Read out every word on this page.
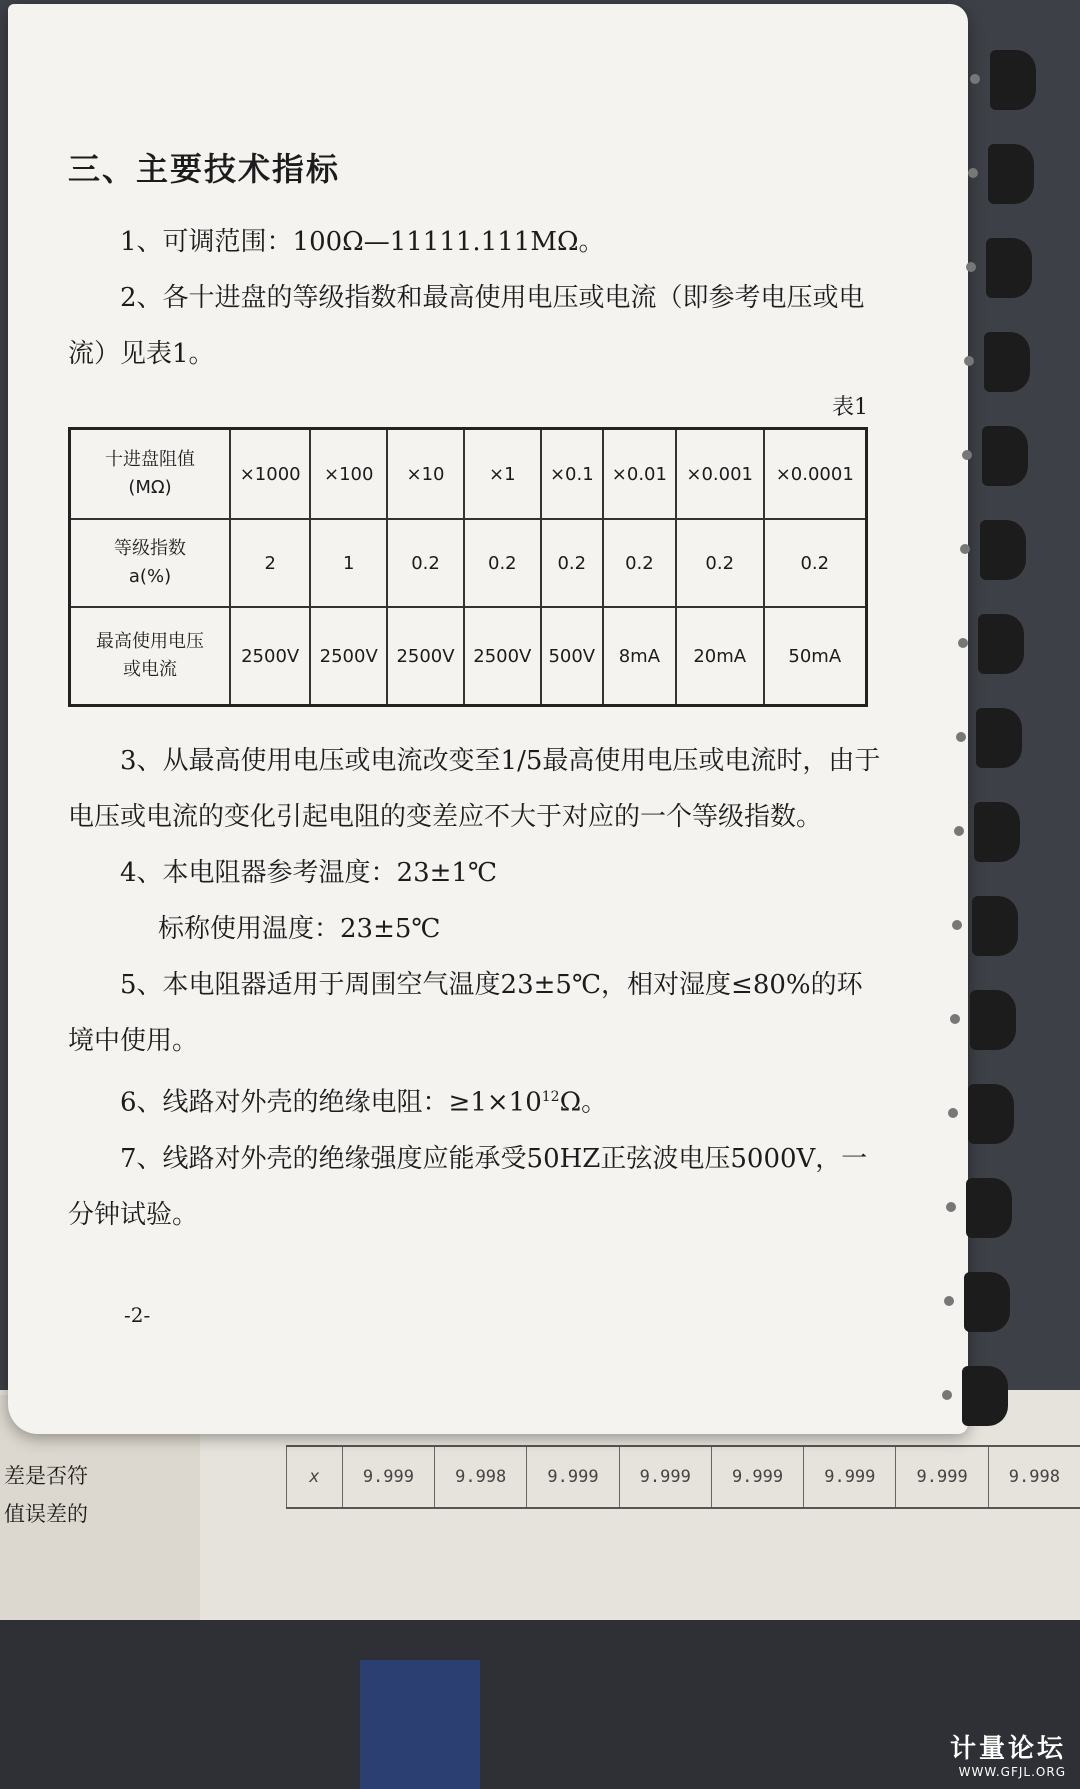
差是否符
值误差的
x	9.999	9.998	9.999	9.999	9.999	9.999	9.999	9.998
三、主要技术指标

1、可调范围：100Ω—11111.111MΩ。

2、各十进盘的等级指数和最高使用电压或电流（即参考电压或电流）见表1。

表1
十进盘阻值
(MΩ)	×1000	×100	×10	×1	×0.1	×0.01	×0.001	×0.0001
等级指数
a(%)	2	1	0.2	0.2	0.2	0.2	0.2	0.2
最高使用电压
或电流	2500V	2500V	2500V	2500V	500V	8mA	20mA	50mA

3、从最高使用电压或电流改变至1/5最高使用电压或电流时，由于电压或电流的变化引起电阻的变差应不大于对应的一个等级指数。

4、本电阻器参考温度：23±1℃

标称使用温度：23±5℃

5、本电阻器适用于周围空气温度23±5℃，相对湿度≤80%的环境中使用。

6、线路对外壳的绝缘电阻：$\ge 1\times 10^{12}\Omega$。

7、线路对外壳的绝缘强度应能承受50HZ正弦波电压5000V，一分钟试验。

-2-
计量论坛
WWW.GFJL.ORG
